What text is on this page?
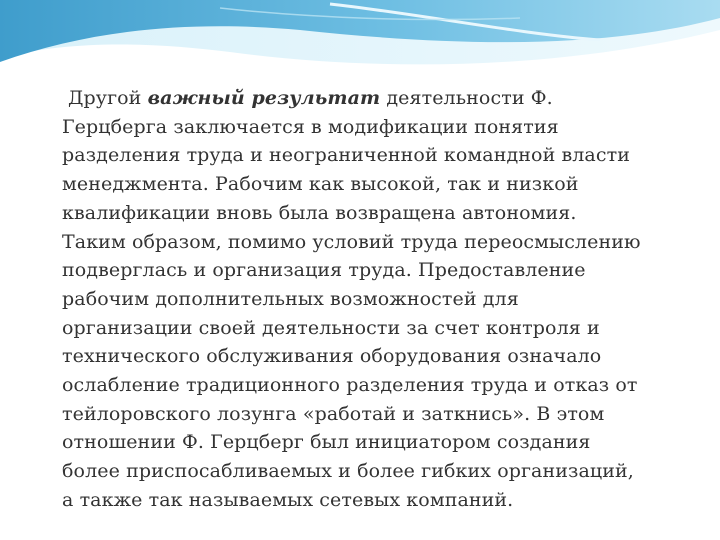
Другой важный результат деятельности Ф.
Герцберга заключается в модификации понятия
разделения труда и неограниченной командной власти
менеджмента. Рабочим как высокой, так и низкой
квалификации вновь была возвращена автономия.
Таким образом, помимо условий труда переосмыслению
подверглась и организация труда. Предоставление
рабочим дополнительных возможностей для
организации своей деятельности за счет контроля и
технического обслуживания оборудования означало
ослабление традиционного разделения труда и отказ от
тейлоровского лозунга «работай и заткнись». В этом
отношении Ф. Герцберг был инициатором создания
более приспосабливаемых и более гибких организаций,
а также так называемых сетевых компаний.
